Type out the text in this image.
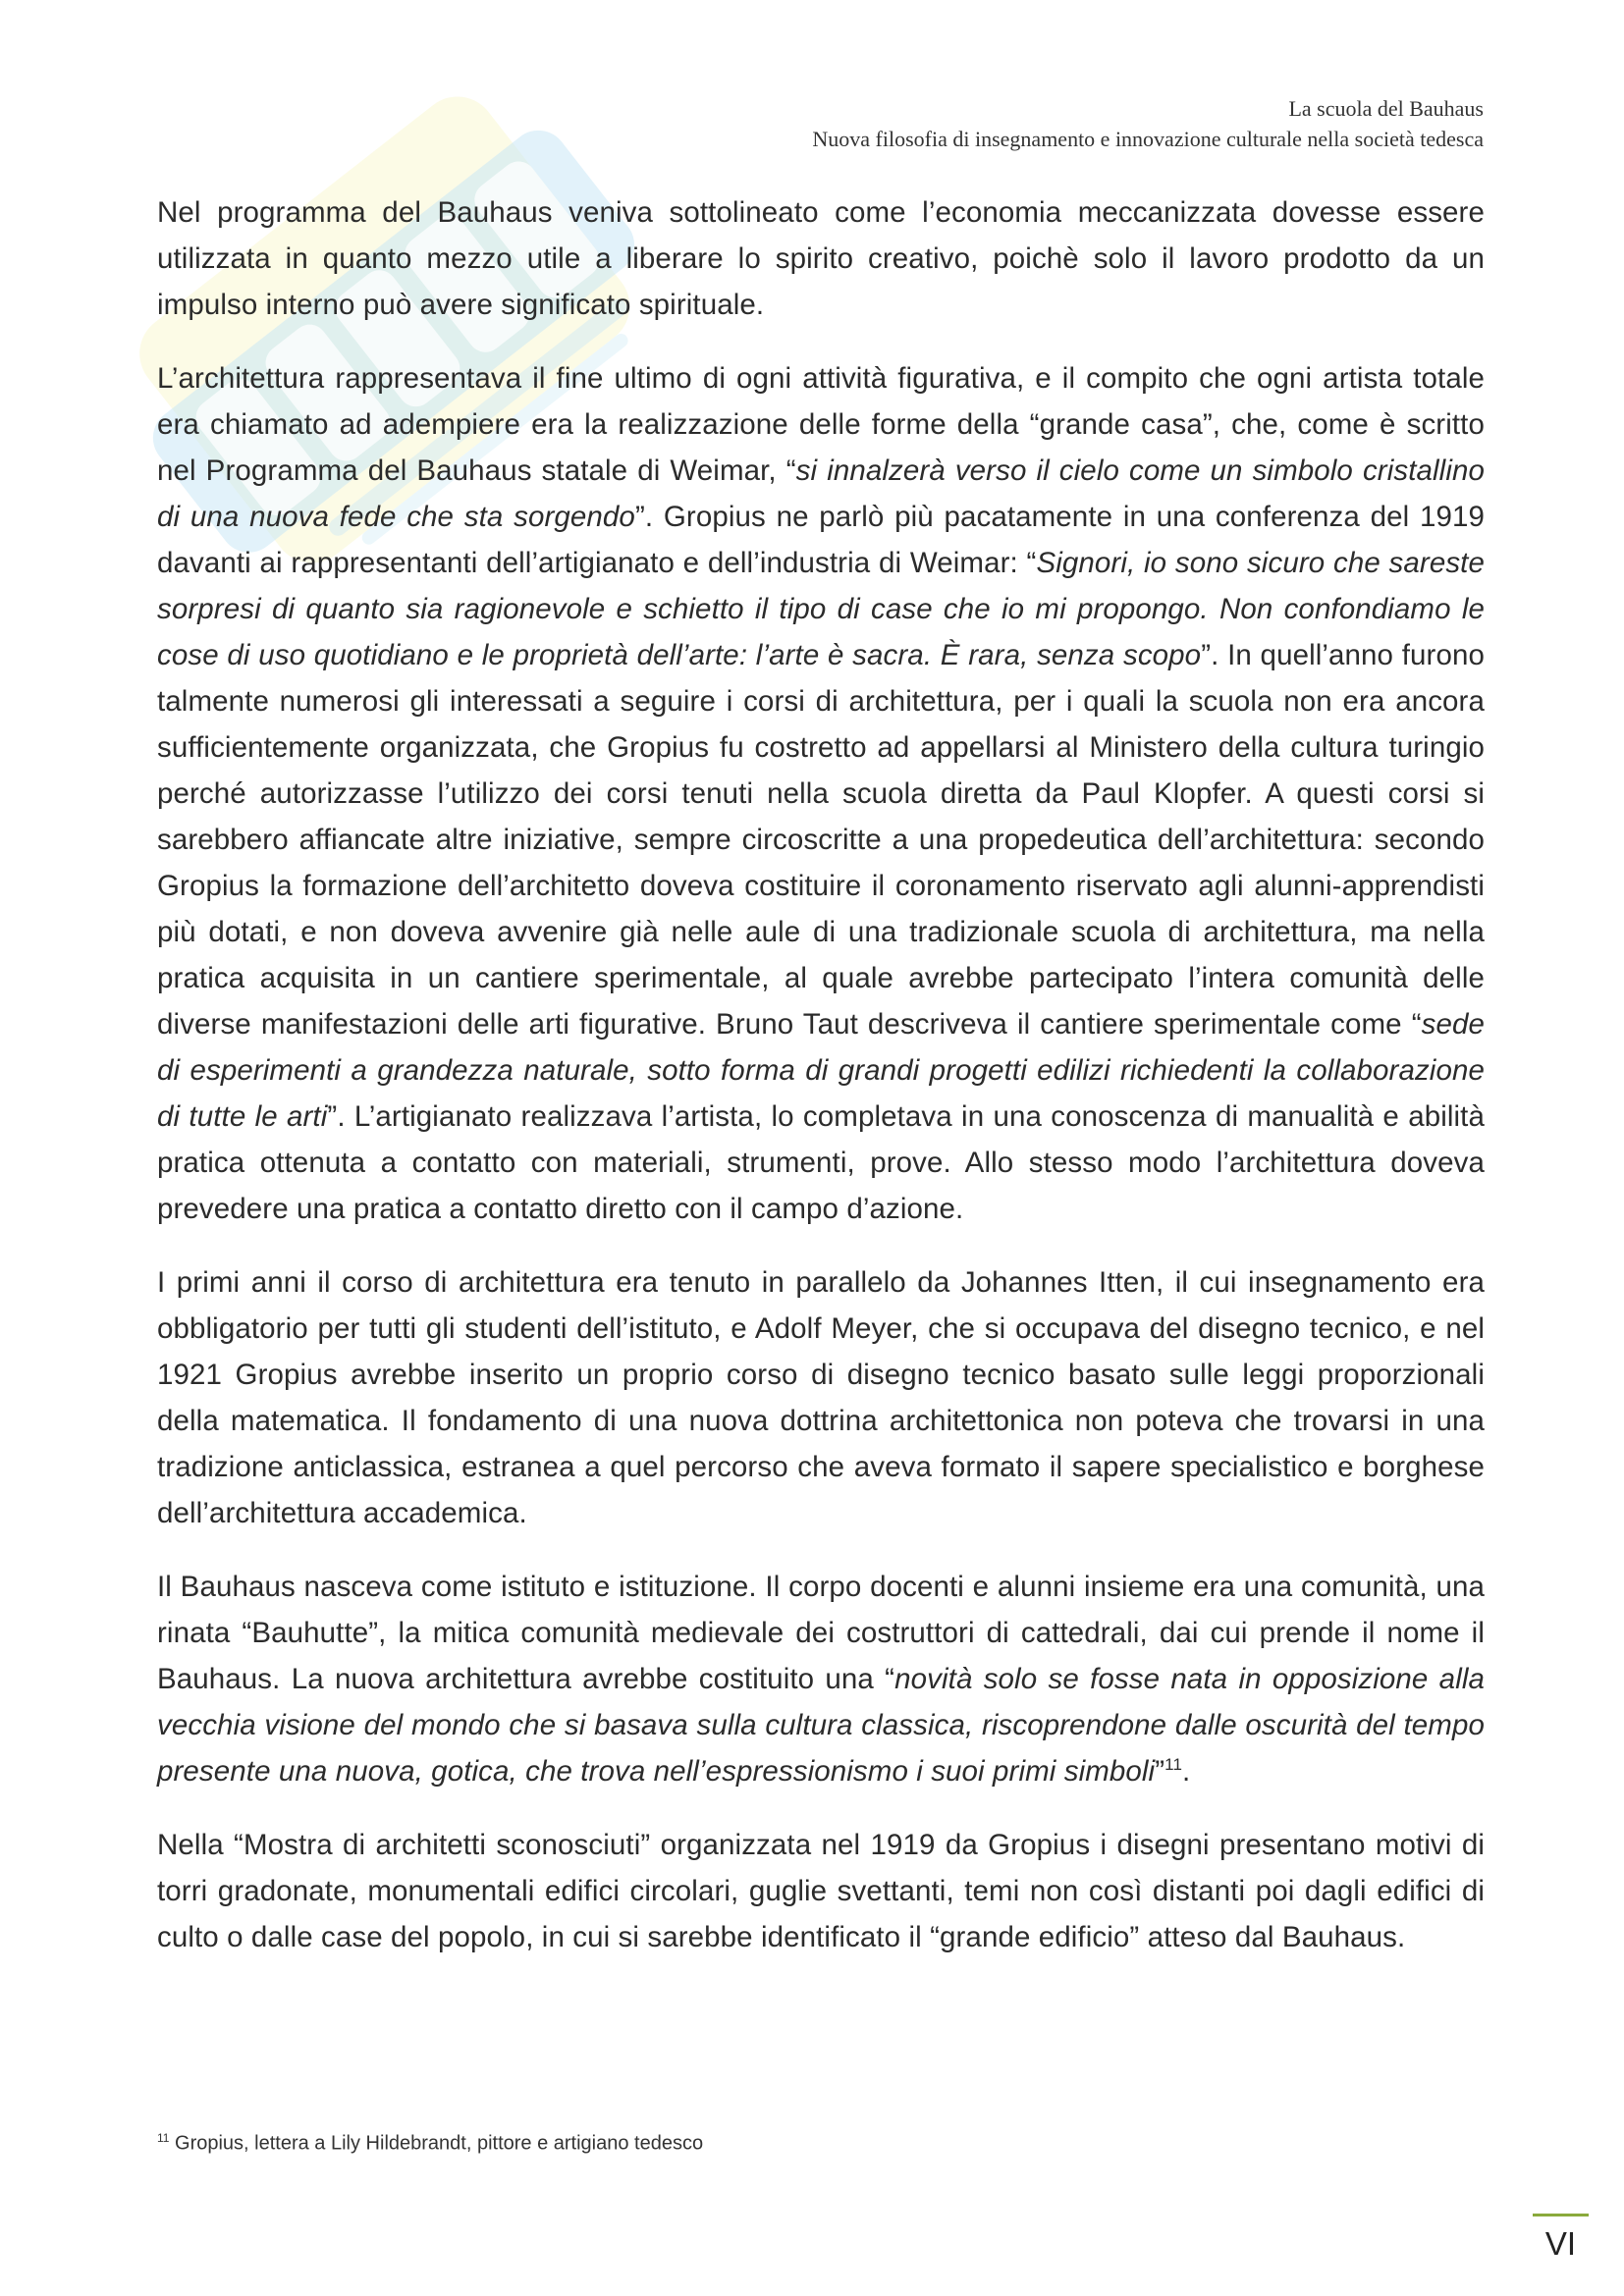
La scuola del Bauhaus
Nuova filosofia di insegnamento e innovazione culturale nella società tedesca

Nel programma del Bauhaus veniva sottolineato come l’economia meccanizzata dovesse essere utilizzata in quanto mezzo utile a liberare lo spirito creativo, poichè solo il lavoro prodotto da un impulso interno può avere significato spirituale.

L’architettura rappresentava il fine ultimo di ogni attività figurativa, e il compito che ogni artista totale era chiamato ad adempiere era la realizzazione delle forme della “grande casa”, che, come è scritto nel Programma del Bauhaus statale di Weimar, “si innalzerà verso il cielo come un simbolo cristallino di una nuova fede che sta sorgendo”. Gropius ne parlò più pacatamente in una conferenza del 1919 davanti ai rappresentanti dell’artigianato e dell’industria di Weimar: “Signori, io sono sicuro che sareste sorpresi di quanto sia ragionevole e schietto il tipo di case che io mi propongo. Non confondiamo le cose di uso quotidiano e le proprietà dell’arte: l’arte è sacra. È rara, senza scopo”. In quell’anno furono talmente numerosi gli interessati a seguire i corsi di architettura, per i quali la scuola non era ancora sufficientemente organizzata, che Gropius fu costretto ad appellarsi al Ministero della cultura turingio perché autorizzasse l’utilizzo dei corsi tenuti nella scuola diretta da Paul Klopfer. A questi corsi si sarebbero affiancate altre iniziative, sempre circoscritte a una propedeutica dell’architettura: secondo Gropius la formazione dell’architetto doveva costituire il coronamento riservato agli alunni-apprendisti più dotati, e non doveva avvenire già nelle aule di una tradizionale scuola di architettura, ma nella pratica acquisita in un cantiere sperimentale, al quale avrebbe partecipato l’intera comunità delle diverse manifestazioni delle arti figurative. Bruno Taut descriveva il cantiere sperimentale come “sede di esperimenti a grandezza naturale, sotto forma di grandi progetti edilizi richiedenti la collaborazione di tutte le arti”. L’artigianato realizzava l’artista, lo completava in una conoscenza di manualità e abilità pratica ottenuta a contatto con materiali, strumenti, prove. Allo stesso modo l’architettura doveva prevedere una pratica a contatto diretto con il campo d’azione.

I primi anni il corso di architettura era tenuto in parallelo da Johannes Itten, il cui insegnamento era obbligatorio per tutti gli studenti dell’istituto, e Adolf Meyer, che si occupava del disegno tecnico, e nel 1921 Gropius avrebbe inserito un proprio corso di disegno tecnico basato sulle leggi proporzionali della matematica. Il fondamento di una nuova dottrina architettonica non poteva che trovarsi in una tradizione anticlassica, estranea a quel percorso che aveva formato il sapere specialistico e borghese dell’architettura accademica.

Il Bauhaus nasceva come istituto e istituzione. Il corpo docenti e alunni insieme era una comunità, una rinata “Bauhutte”, la mitica comunità medievale dei costruttori di cattedrali, dai cui prende il nome il Bauhaus. La nuova architettura avrebbe costituito una “novità solo se fosse nata in opposizione alla vecchia visione del mondo che si basava sulla cultura classica, riscoprendone dalle oscurità del tempo presente una nuova, gotica, che trova nell’espressionismo i suoi primi simboli”$^{11}$.

Nella “Mostra di architetti sconosciuti” organizzata nel 1919 da Gropius i disegni presentano motivi di torri gradonate, monumentali edifici circolari, guglie svettanti, temi non così distanti poi dagli edifici di culto o dalle case del popolo, in cui si sarebbe identificato il “grande edificio” atteso dal Bauhaus.

$^{11}$ Gropius, lettera a Lily Hildebrandt, pittore e artigiano tedesco
VI
